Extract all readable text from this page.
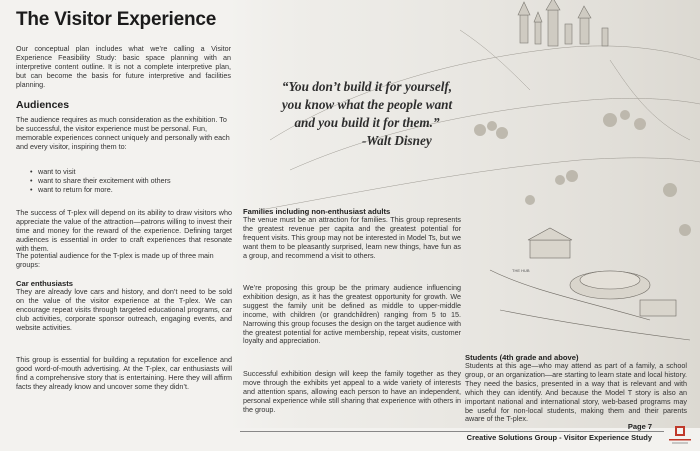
THE HUB
The Visitor Experience

Our conceptual plan includes what we’re calling a Visitor Experience Feasibility Study: basic space planning with an interpretive content outline. It is not a complete interpretive plan, but can become the basis for future interpretive and facilities planning.

Audiences

The audience requires as much consideration as the exhibition. To be successful, the visitor experience must be personal. Fun, memorable experiences connect uniquely and personally with each and every visitor, inspiring them to:

• want to visit
• want to share their excitement with others
• want to return for more.

The success of T-plex will depend on its ability to draw visitors who appreciate the value of the attraction—patrons willing to invest their time and money for the reward of the experience. Defining target audiences is essential in order to craft experiences that resonate with them.

The potential audience for the T-plex is made up of three main groups:

Car enthusiasts

They are already love cars and history, and don’t need to be sold on the value of the visitor experience at the T-plex. We can encourage repeat visits through targeted educational programs, car club activities, corporate sponsor outreach, engaging events, and website activities.

This group is essential for building a reputation for excellence and good word-of-mouth advertising. At the T-plex, car enthusiasts will find a comprehensive story that is entertaining. Here they will affirm facts they already know and uncover some they didn’t.

“You don’t build it for yourself,
you know what the people want
and you build it for them.”
-Walt Disney
Families including non-enthusiast adults

The venue must be an attraction for families. This group represents the greatest revenue per capita and the greatest potential for frequent visits. This group may not be interested in Model Ts, but we want them to be pleasantly surprised, learn new things, have fun as a group, and recommend a visit to others.

We’re proposing this group be the primary audience influencing exhibition design, as it has the greatest opportunity for growth. We suggest the family unit be defined as middle to upper-middle income, with children (or grandchildren) ranging from 5 to 15. Narrowing this group focuses the design on the target audience with the greatest potential for active membership, repeat visits, customer loyalty and appreciation.

Successful exhibition design will keep the family together as they move through the exhibits yet appeal to a wide variety of interests and attention spans, allowing each person to have an independent, personal experience while still sharing that experience with others in the group.

Students (4th grade and above)

Students at this age—who may attend as part of a family, a school group, or an organization—are starting to learn state and local history. They need the basics, presented in a way that is relevant and with which they can identify. And because the Model T story is also an important national and international story, web-based programs may be useful for non-local students, making them and their parents aware of the T-plex.

Page 7
Creative Solutions Group - Visitor Experience Study
